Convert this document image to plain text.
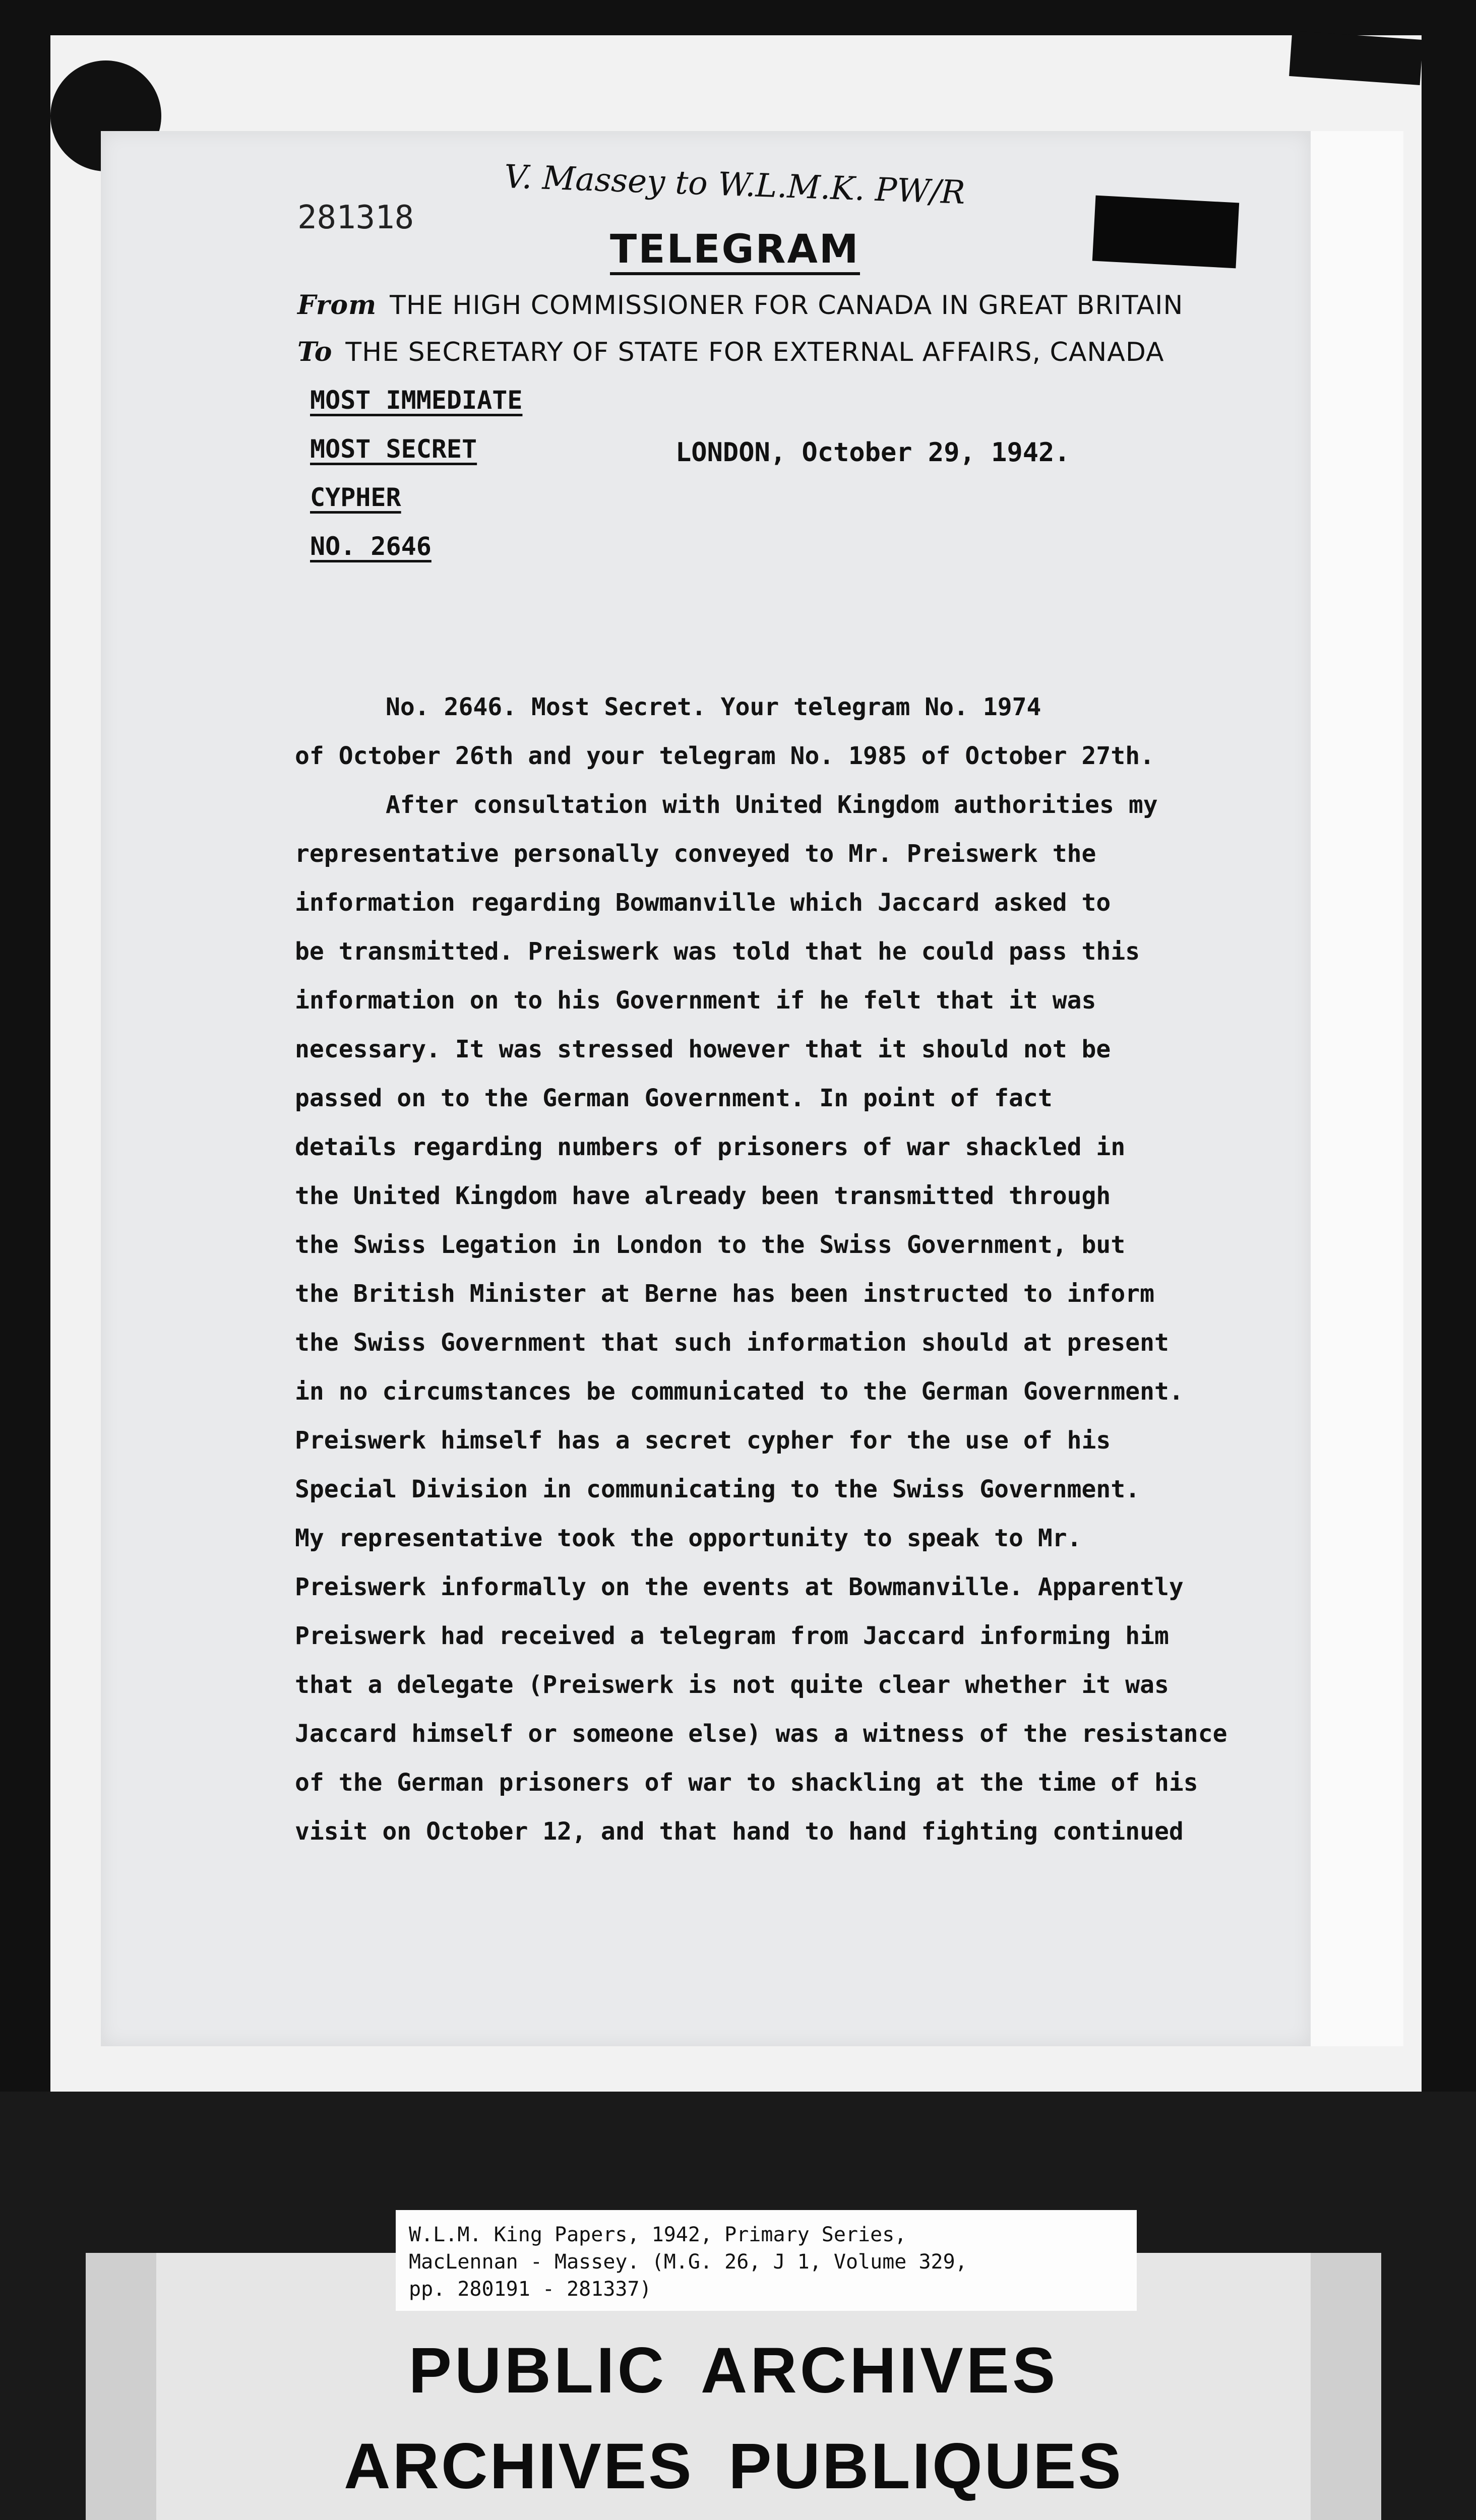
281318
V. Massey to W.L.M.K. PW/R
TELEGRAM
From THE HIGH COMMISSIONER FOR CANADA IN GREAT BRITAIN
To THE SECRETARY OF STATE FOR EXTERNAL AFFAIRS, CANADA
MOST IMMEDIATE
MOST SECRET
CYPHER
NO. 2646
LONDON, October 29, 1942.
No. 2646. Most Secret. Your telegram No. 1974
of October 26th and your telegram No. 1985 of October 27th.
After consultation with United Kingdom authorities my
representative personally conveyed to Mr. Preiswerk the
information regarding Bowmanville which Jaccard asked to
be transmitted. Preiswerk was told that he could pass this
information on to his Government if he felt that it was
necessary. It was stressed however that it should not be
passed on to the German Government. In point of fact
details regarding numbers of prisoners of war shackled in
the United Kingdom have already been transmitted through
the Swiss Legation in London to the Swiss Government, but
the British Minister at Berne has been instructed to inform
the Swiss Government that such information should at present
in no circumstances be communicated to the German Government.
Preiswerk himself has a secret cypher for the use of his
Special Division in communicating to the Swiss Government.
My representative took the opportunity to speak to Mr.
Preiswerk informally on the events at Bowmanville. Apparently
Preiswerk had received a telegram from Jaccard informing him
that a delegate (Preiswerk is not quite clear whether it was
Jaccard himself or someone else) was a witness of the resistance
of the German prisoners of war to shackling at the time of his
visit on October 12, and that hand to hand fighting continued
W.L.M. King Papers, 1942, Primary Series,
MacLennan - Massey. (M.G. 26, J 1, Volume 329,
pp. 280191 - 281337)
PUBLIC ARCHIVES
ARCHIVES PUBLIQUES
